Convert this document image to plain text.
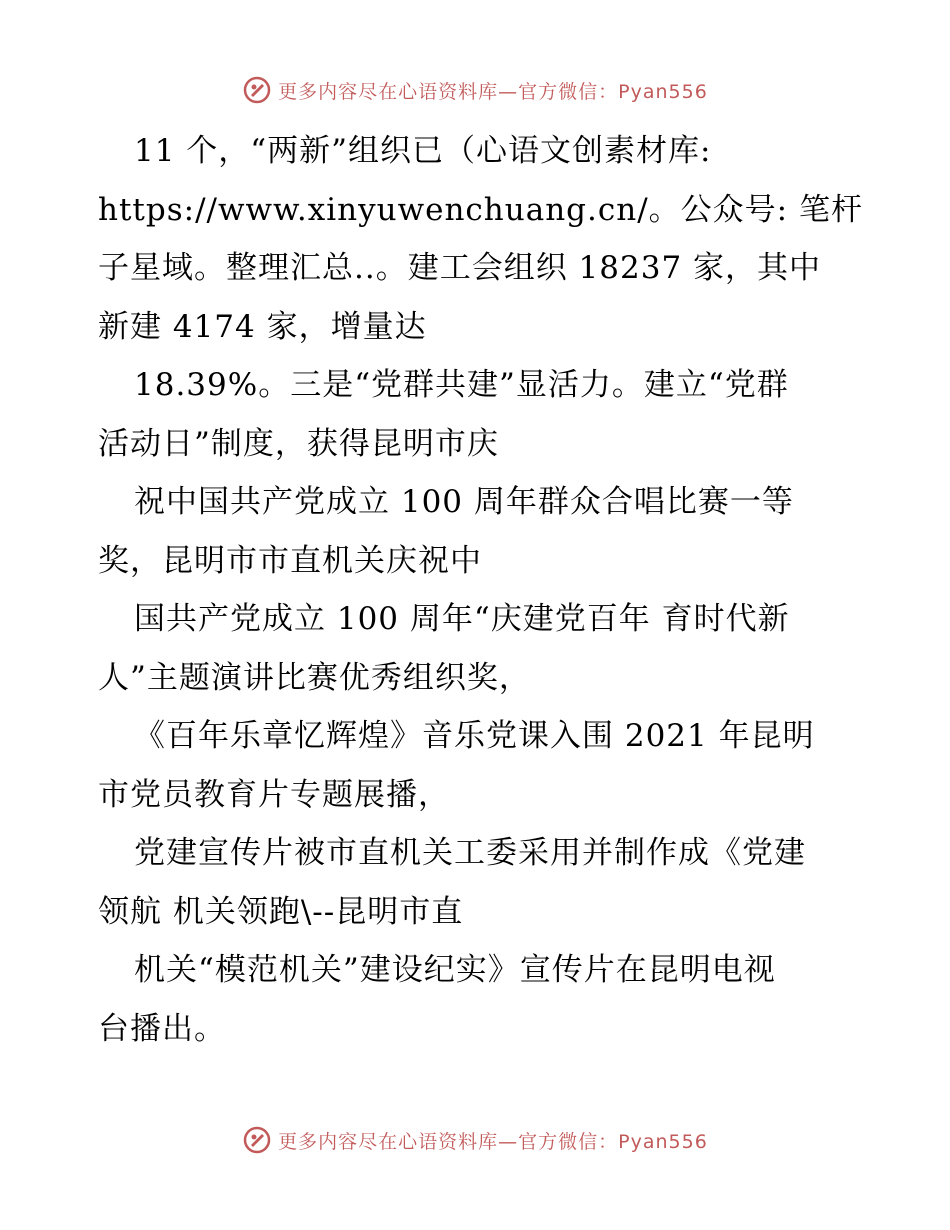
更多内容尽在心语资料库—官方微信：Pyan556
11 个，“两新”组织已（心语文创素材库:
https://www.xinyuwenchuang.cn/。公众号: 笔杆
子星域。整理汇总..。建工会组织 18237 家，其中
新建 4174 家，增量达
18.39%。三是“党群共建”显活力。建立“党群
活动日”制度，获得昆明市庆
祝中国共产党成立 100 周年群众合唱比赛一等
奖，昆明市市直机关庆祝中
国共产党成立 100 周年“庆建党百年 育时代新
人”主题演讲比赛优秀组织奖，
《百年乐章忆辉煌》音乐党课入围 2021 年昆明
市党员教育片专题展播，
党建宣传片被市直机关工委采用并制作成《党建
领航 机关领跑\--昆明市直
机关“模范机关”建设纪实》宣传片在昆明电视
台播出。
更多内容尽在心语资料库—官方微信：Pyan556
